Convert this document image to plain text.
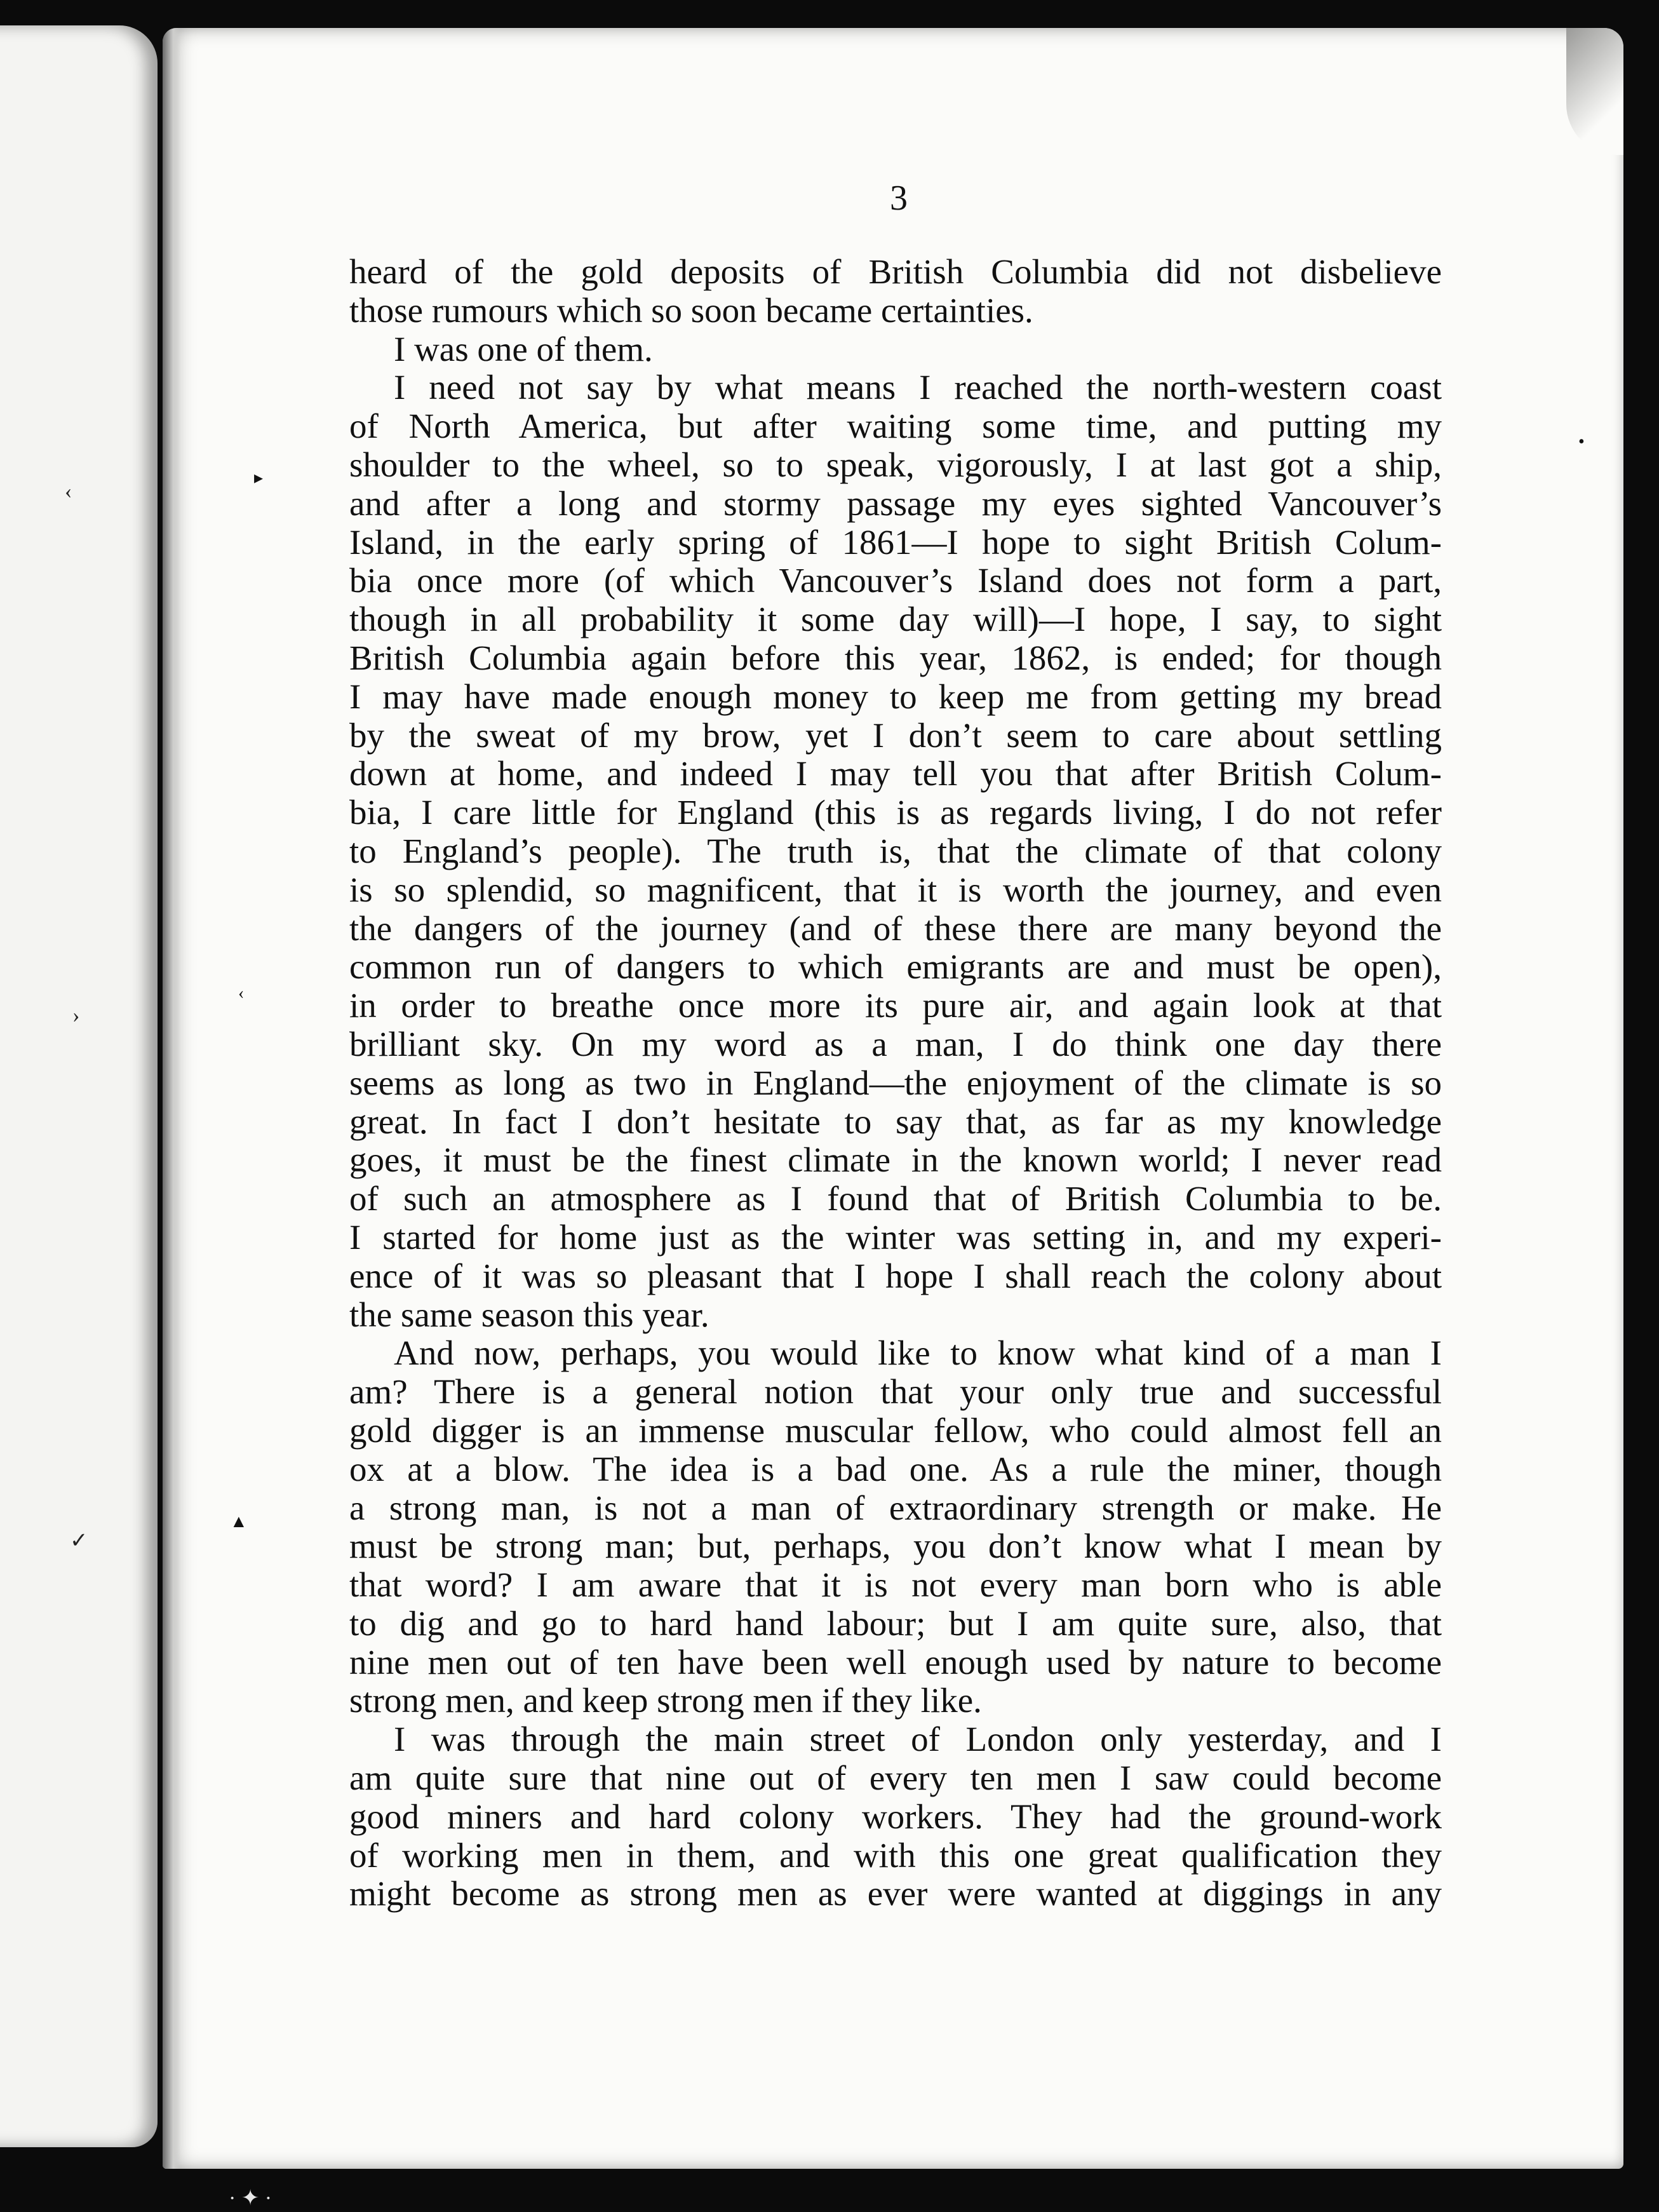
‹
›
✓
▸
‹
▲
•
3
heard of the gold deposits of British Columbia did not disbelieve
those rumours which so soon became certainties.
I was one of them.
I need not say by what means I reached the north-western coast
of North America, but after waiting some time, and putting my
shoulder to the wheel, so to speak, vigorously, I at last got a ship,
and after a long and stormy passage my eyes sighted Vancouver’s
Island, in the early spring of 1861—I hope to sight British Colum-
bia once more (of which Vancouver’s Island does not form a part,
though in all probability it some day will)—I hope, I say, to sight
British Columbia again before this year, 1862, is ended; for though
I may have made enough money to keep me from getting my bread
by the sweat of my brow, yet I don’t seem to care about settling
down at home, and indeed I may tell you that after British Colum-
bia, I care little for England (this is as regards living, I do not refer
to England’s people). The truth is, that the climate of that colony
is so splendid, so magnificent, that it is worth the journey, and even
the dangers of the journey (and of these there are many beyond the
common run of dangers to which emigrants are and must be open),
in order to breathe once more its pure air, and again look at that
brilliant sky. On my word as a man, I do think one day there
seems as long as two in England—the enjoyment of the climate is so
great. In fact I don’t hesitate to say that, as far as my knowledge
goes, it must be the finest climate in the known world; I never read
of such an atmosphere as I found that of British Columbia to be.
I started for home just as the winter was setting in, and my experi-
ence of it was so pleasant that I hope I shall reach the colony about
the same season this year.
And now, perhaps, you would like to know what kind of a man I
am? There is a general notion that your only true and successful
gold digger is an immense muscular fellow, who could almost fell an
ox at a blow. The idea is a bad one. As a rule the miner, though
a strong man, is not a man of extraordinary strength or make. He
must be strong man; but, perhaps, you don’t know what I mean by
that word? I am aware that it is not every man born who is able
to dig and go to hard hand labour; but I am quite sure, also, that
nine men out of ten have been well enough used by nature to become
strong men, and keep strong men if they like.
I was through the main street of London only yesterday, and I
am quite sure that nine out of every ten men I saw could become
good miners and hard colony workers. They had the ground-work
of working men in them, and with this one great qualification they
might become as strong men as ever were wanted at diggings in any
· ✦ ·
